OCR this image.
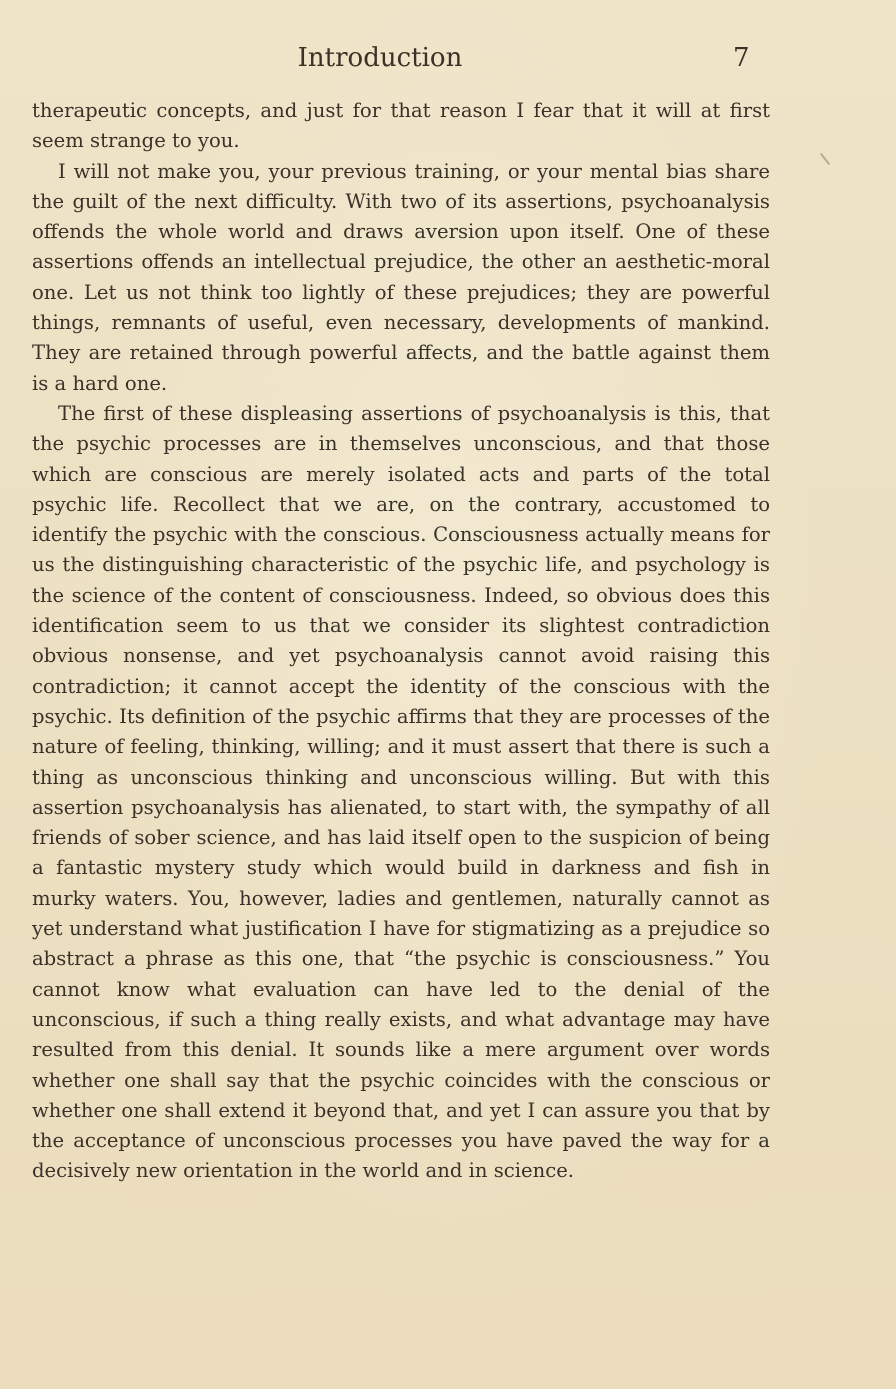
Introduction	7

therapeutic concepts, and just for that reason I fear that it will at first seem strange to you.

I will not make you, your previous training, or your mental bias share the guilt of the next difficulty. With two of its assertions, psychoanalysis offends the whole world and draws aversion upon itself. One of these assertions offends an intellectual prejudice, the other an aesthetic-moral one. Let us not think too lightly of these prejudices; they are powerful things, remnants of useful, even necessary, developments of mankind. They are retained through powerful affects, and the battle against them is a hard one.

The first of these displeasing assertions of psychoanalysis is this, that the psychic processes are in themselves unconscious, and that those which are conscious are merely isolated acts and parts of the total psychic life. Recollect that we are, on the contrary, accustomed to identify the psychic with the conscious. Consciousness actually means for us the distinguishing characteristic of the psychic life, and psychology is the science of the content of consciousness. Indeed, so obvious does this identification seem to us that we consider its slightest contradiction obvious nonsense, and yet psychoanalysis cannot avoid raising this contradiction; it cannot accept the identity of the conscious with the psychic. Its definition of the psychic affirms that they are processes of the nature of feeling, thinking, willing; and it must assert that there is such a thing as unconscious thinking and unconscious willing. But with this assertion psychoanalysis has alienated, to start with, the sympathy of all friends of sober science, and has laid itself open to the suspicion of being a fantastic mystery study which would build in darkness and fish in murky waters. You, however, ladies and gentlemen, naturally cannot as yet understand what justification I have for stigmatizing as a prejudice so abstract a phrase as this one, that “the psychic is consciousness.” You cannot know what evaluation can have led to the denial of the unconscious, if such a thing really exists, and what advantage may have resulted from this denial. It sounds like a mere argument over words whether one shall say that the psychic coincides with the conscious or whether one shall extend it beyond that, and yet I can assure you that by the acceptance of unconscious processes you have paved the way for a decisively new orientation in the world and in science.
